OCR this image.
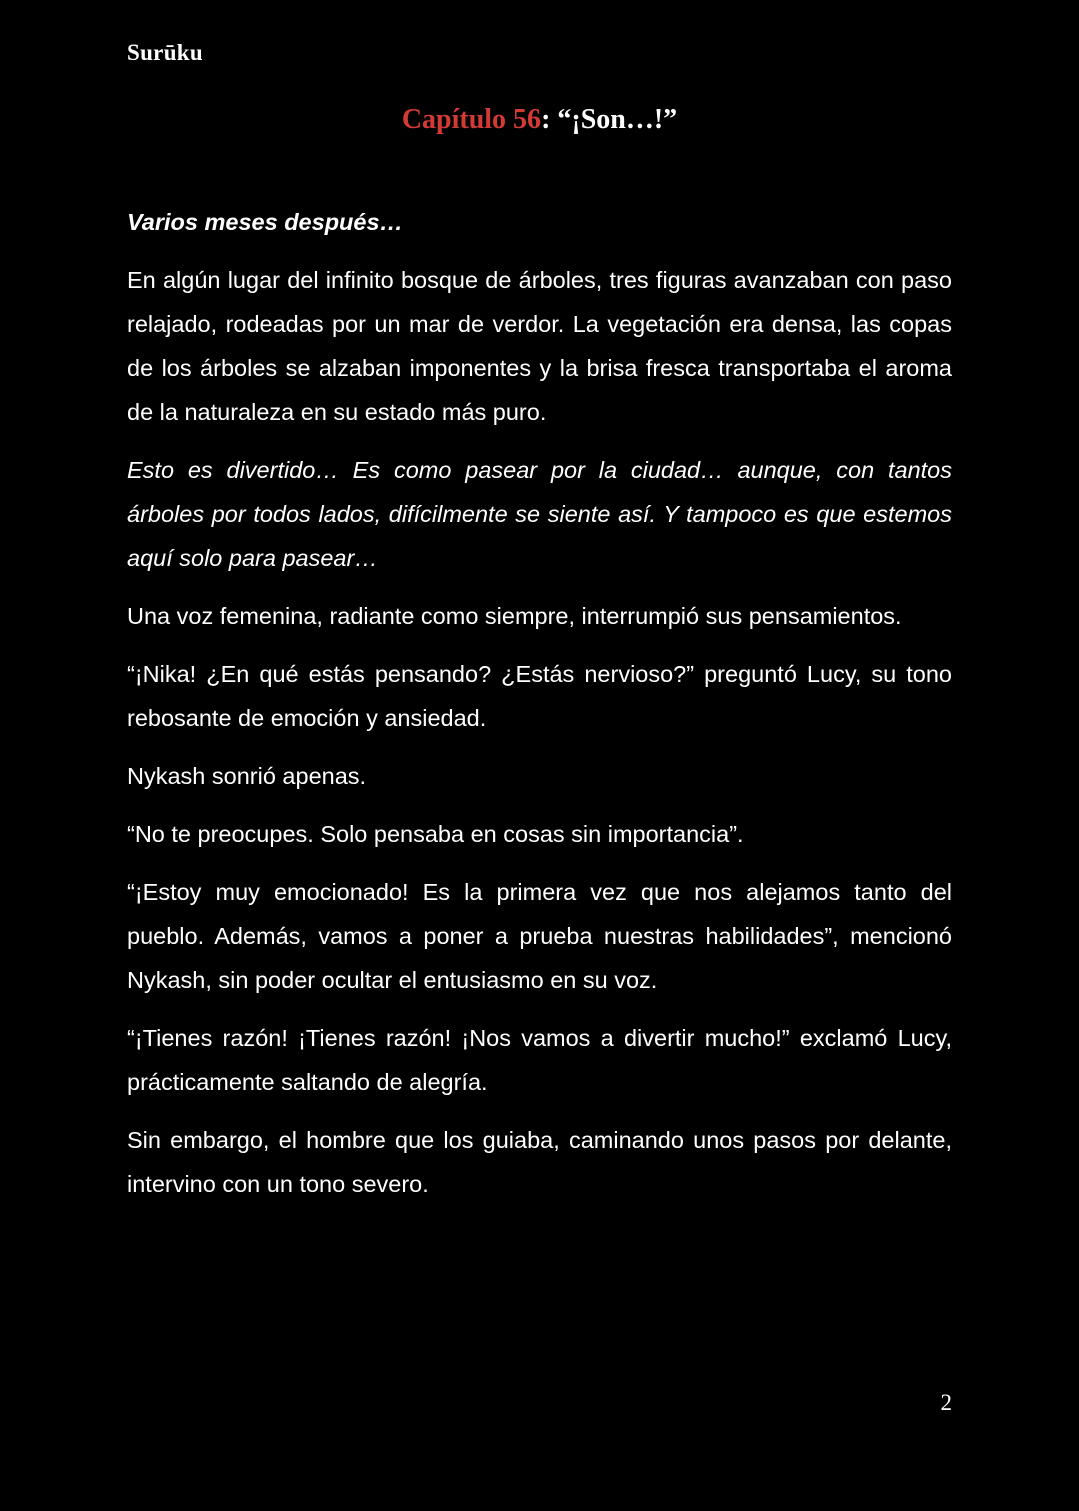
Surūku
Capítulo 56: “¡Son…!”

Varios meses después…

En algún lugar del infinito bosque de árboles, tres figuras avanzaban con paso relajado, rodeadas por un mar de verdor. La vegetación era densa, las copas de los árboles se alzaban imponentes y la brisa fresca transportaba el aroma de la naturaleza en su estado más puro.

Esto es divertido… Es como pasear por la ciudad… aunque, con tantos árboles por todos lados, difícilmente se siente así. Y tampoco es que estemos aquí solo para pasear…

Una voz femenina, radiante como siempre, interrumpió sus pensamientos.

“¡Nika! ¿En qué estás pensando? ¿Estás nervioso?” preguntó Lucy, su tono rebosante de emoción y ansiedad.

Nykash sonrió apenas.

“No te preocupes. Solo pensaba en cosas sin importancia”.

“¡Estoy muy emocionado! Es la primera vez que nos alejamos tanto del pueblo. Además, vamos a poner a prueba nuestras habilidades”, mencionó Nykash, sin poder ocultar el entusiasmo en su voz.

“¡Tienes razón! ¡Tienes razón! ¡Nos vamos a divertir mucho!” exclamó Lucy, prácticamente saltando de alegría.

Sin embargo, el hombre que los guiaba, caminando unos pasos por delante, intervino con un tono severo.

2
